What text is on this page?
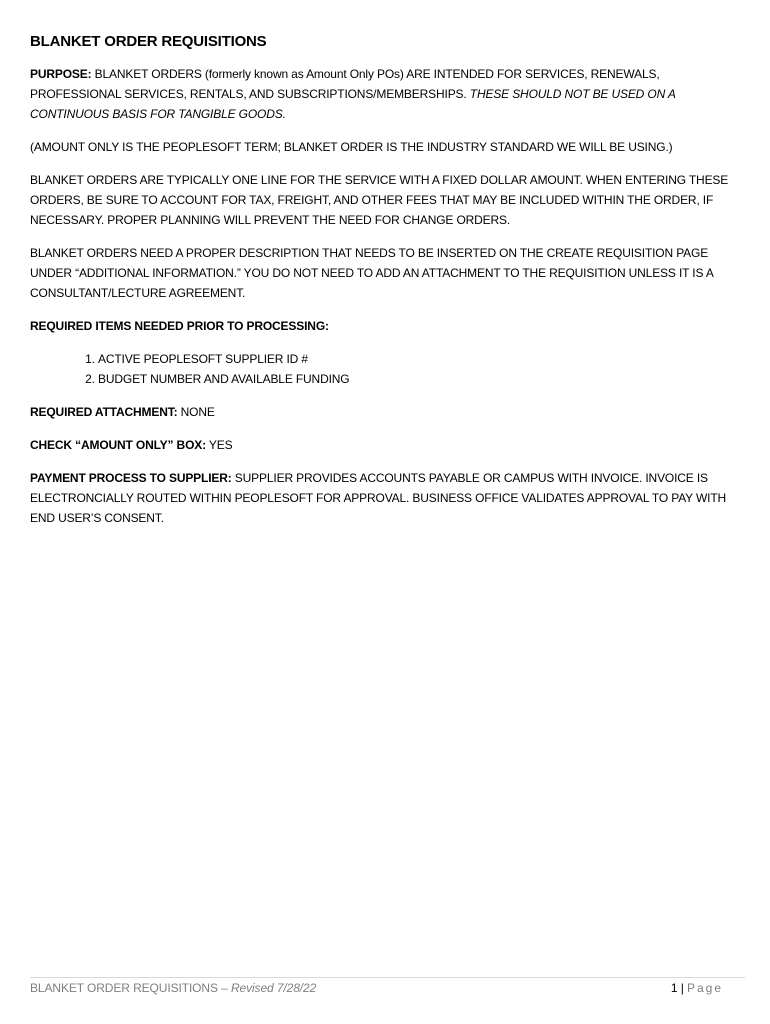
BLANKET ORDER REQUISITIONS

PURPOSE: BLANKET ORDERS (formerly known as Amount Only POs) ARE INTENDED FOR SERVICES, RENEWALS, PROFESSIONAL SERVICES, RENTALS, AND SUBSCRIPTIONS/MEMBERSHIPS. THESE SHOULD NOT BE USED ON A CONTINUOUS BASIS FOR TANGIBLE GOODS.

(AMOUNT ONLY IS THE PEOPLESOFT TERM; BLANKET ORDER IS THE INDUSTRY STANDARD WE WILL BE USING.)

BLANKET ORDERS ARE TYPICALLY ONE LINE FOR THE SERVICE WITH A FIXED DOLLAR AMOUNT. WHEN ENTERING THESE ORDERS, BE SURE TO ACCOUNT FOR TAX, FREIGHT, AND OTHER FEES THAT MAY BE INCLUDED WITHIN THE ORDER, IF NECESSARY. PROPER PLANNING WILL PREVENT THE NEED FOR CHANGE ORDERS.

BLANKET ORDERS NEED A PROPER DESCRIPTION THAT NEEDS TO BE INSERTED ON THE CREATE REQUISITION PAGE UNDER “ADDITIONAL INFORMATION.” YOU DO NOT NEED TO ADD AN ATTACHMENT TO THE REQUISITION UNLESS IT IS A CONSULTANT/LECTURE AGREEMENT.

REQUIRED ITEMS NEEDED PRIOR TO PROCESSING:

1. ACTIVE PEOPLESOFT SUPPLIER ID #
2. BUDGET NUMBER AND AVAILABLE FUNDING

REQUIRED ATTACHMENT: NONE

CHECK “AMOUNT ONLY” BOX: YES

PAYMENT PROCESS TO SUPPLIER: SUPPLIER PROVIDES ACCOUNTS PAYABLE OR CAMPUS WITH INVOICE. INVOICE IS ELECTRONCIALLY ROUTED WITHIN PEOPLESOFT FOR APPROVAL. BUSINESS OFFICE VALIDATES APPROVAL TO PAY WITH END USER’S CONSENT.

BLANKET ORDER REQUISITIONS – Revised 7/28/22	1 | Page
